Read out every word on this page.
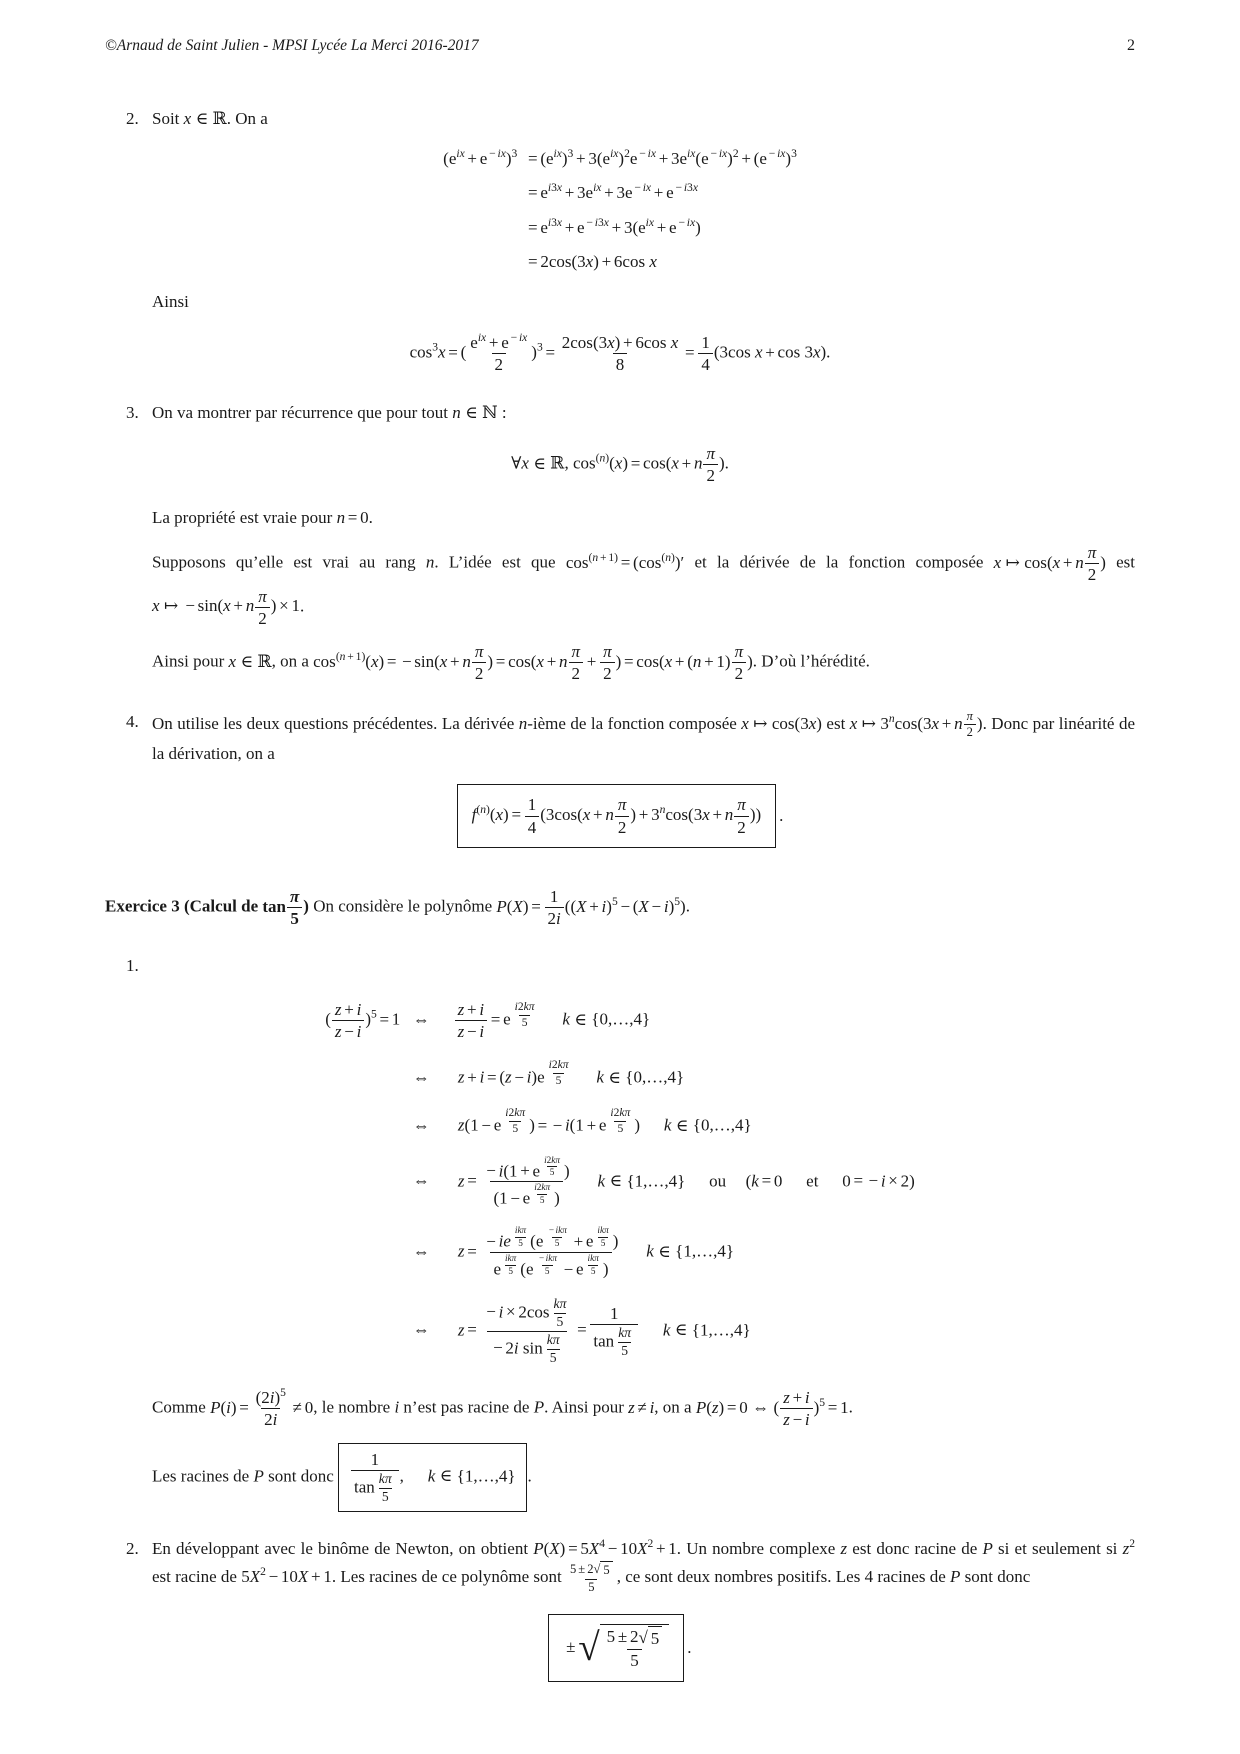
©Arnaud de Saint Julien - MPSI Lycée La Merci 2016-2017	2
2. Soit x ∈ ℝ. On a

($e^{ix} + e$ $^{- ix})^3 = (e^{ix})^3 + 3(e^{ix})^2e$ $^{- ix} + 3e^{ix}(e$ $^{- ix}$)$^2$ + (e $^{- ix}$)$^3$
= $e^{i3x} + 3e^{ix} + 3e$ $^{- ix}$ + e $^{- i3x}$
= $e^{i3x} + e$ $^{- i3x} + 3(e^{ix} + e$ $^{- ix}$)
= 2cos(3x) + 6cos x

Ainsi

$\cos^3x$ = ( $\frac{e^{ix} + e ^{- ix}}{2} )^3 = \frac{\text{2cos(3x) + 6cos x}}{8} = \frac{1}{4} (3\cos$ x + cos 3x).
3. On va montrer par récurrence que pour tout n ∈ ℕ :

∀x ∈ ℝ, $\cos^{(n)}(x) = \cos(x + n \frac{\pi}{2}$ ).

La propriété est vraie pour n = 0.

Supposons qu’elle est vrai au rang n. L’idée est que $\cos^{(n + 1)} = (\cos^{(n)})'$ et la dérivée de la fonction composée x ↦ cos(x + n $\frac{\pi}{2}$ ) est x ↦ − sin(x + n $\frac{\pi}{2}$ ) × 1.

Ainsi pour x ∈ ℝ, on a $\cos^{(n + 1)}(x)$ = − sin(x + n $\frac{\pi}{2}$ ) = cos(x + n $\frac{\pi}{2} + \frac{\pi}{2}$ ) = $\cos(x + (n + 1) \frac{\pi}{2}$ ). D’où l’hérédité.

4. On utilise les deux questions précédentes. La dérivée n-ième de la fonction composée x ↦ cos(3x) est x ↦ $3^n\cos(3x + n \frac{\pi}{2}$ ). Donc par linéarité de la dérivation, on a

$f^{(n)}(x) = \frac{1}{4} (3\cos(x + n \frac{\pi}{2}$ ) + $3^n\cos(3x + n \frac{\pi}{2}$ ))	.

Exercice 3 (Calcul de $\tan \frac{\pi}{5}$ ) On considère le polynôme $P(X) = \frac{1}{2i} ((X + i)^5 - (X - i)^5)$.

1.
( $\frac{z + i}{z - i} )^5 = 1$ ⇔ $\frac{z + i}{z - i} = e$ $^{\frac{i2k\pi}{5}}$ k ∈ {0,…,4}
⇔ z + i = (z − i)e $^{\frac{i2k\pi}{5}}$ k ∈ {0,…,4}
⇔ z(1 − e $^{\frac{i2k\pi}{5}}$ ) = − i(1 + e $^{\frac{i2k\pi}{5}}$ ) k ∈ {0,…,4}
⇔ z = − i(1 + e $^{\frac{i2k\pi}{5}}$ )
(1 − e $^{\frac{i2k\pi}{5}}$ ) k ∈ {1,…,4} ou (k = 0 et 0 = − i × 2)
⇔ z = − ie $^{\frac{\text{ikπ}}{5}}$ (e $^{\frac{\text{−ikπ}}{5}}$ + e $^{\frac{\text{ikπ}}{5}}$ )
e $^{\frac{\text{ikπ}}{5}}$ (e $^{\frac{\text{−ikπ}}{5}}$ − e $^{\frac{\text{ikπ}}{5}}$ ) k ∈ {1,…,4}
⇔ $z = \frac{- i \times 2\cos \frac{k\pi}{5}}{- 2i \sin \frac{k\pi}{5}} = \frac{1}{\tan \frac{k\pi}{5}}$ k ∈ {1,…,4}

Comme $P(i) = \frac{(2i)^5}{2i} \ne 0$, le nombre i n’est pas racine de P. Ainsi pour z ≠ i, on a P(z) = 0 ⇔ ( $\frac{z + i}{z - i} )^5 = 1$.

Les racines de P sont donc $\frac{1}{\tan \frac{k\pi}{5}}$ , k ∈ {1,…,4} .

2. En développant avec le binôme de Newton, on obtient $P(X) = 5X^4 - 10X^2 + 1$. Un nombre complexe z est donc racine de P si et seulement si $z^2$ est racine de $5X^2 - 10X + 1$. Les racines de ce polynôme sont $\frac{5 \pm 2 √ 5}{5}$ , ce sont deux nombres positifs. Les 4 racines de P sont donc

± √ $\frac{5 \pm 2 √ 5}{5}$ .
